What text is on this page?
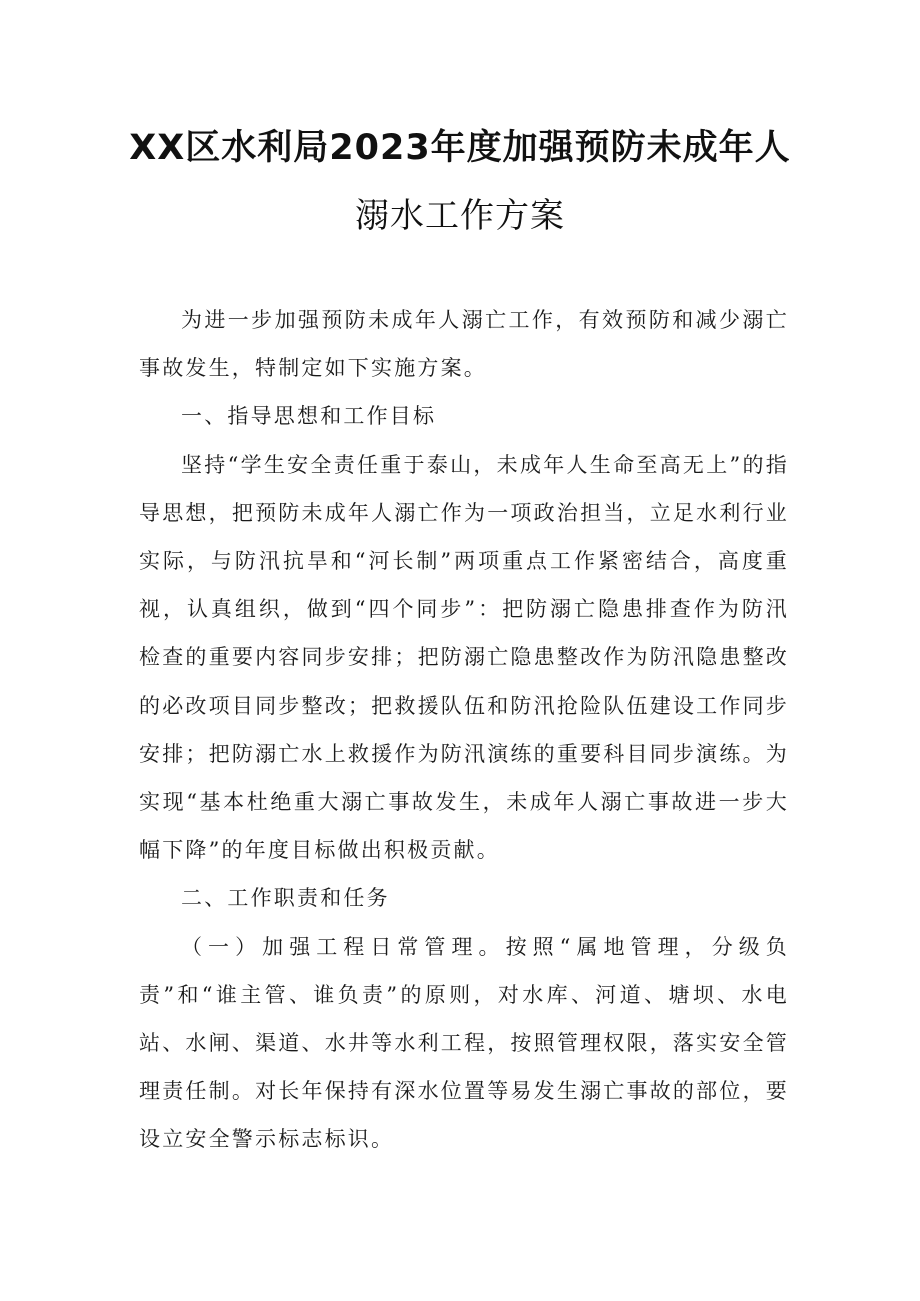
XX区水利局2023年度加强预防未成年人
溺水工作方案

为进一步加强预防未成年人溺亡工作，有效预防和减少溺亡事故发生，特制定如下实施方案。

一、指导思想和工作目标

坚持“学生安全责任重于泰山，未成年人生命至高无上”的指导思想，把预防未成年人溺亡作为一项政治担当，立足水利行业实际，与防汛抗旱和“河长制”两项重点工作紧密结合，高度重视，认真组织，做到“四个同步”：把防溺亡隐患排查作为防汛检查的重要内容同步安排；把防溺亡隐患整改作为防汛隐患整改的必改项目同步整改；把救援队伍和防汛抢险队伍建设工作同步安排；把防溺亡水上救援作为防汛演练的重要科目同步演练。为实现“基本杜绝重大溺亡事故发生，未成年人溺亡事故进一步大幅下降”的年度目标做出积极贡献。

二、工作职责和任务

（一）加强工程日常管理。按照“属地管理，分级负责”和“谁主管、谁负责”的原则，对水库、河道、塘坝、水电站、水闸、渠道、水井等水利工程，按照管理权限，落实安全管理责任制。对长年保持有深水位置等易发生溺亡事故的部位，要设立安全警示标志标识。
